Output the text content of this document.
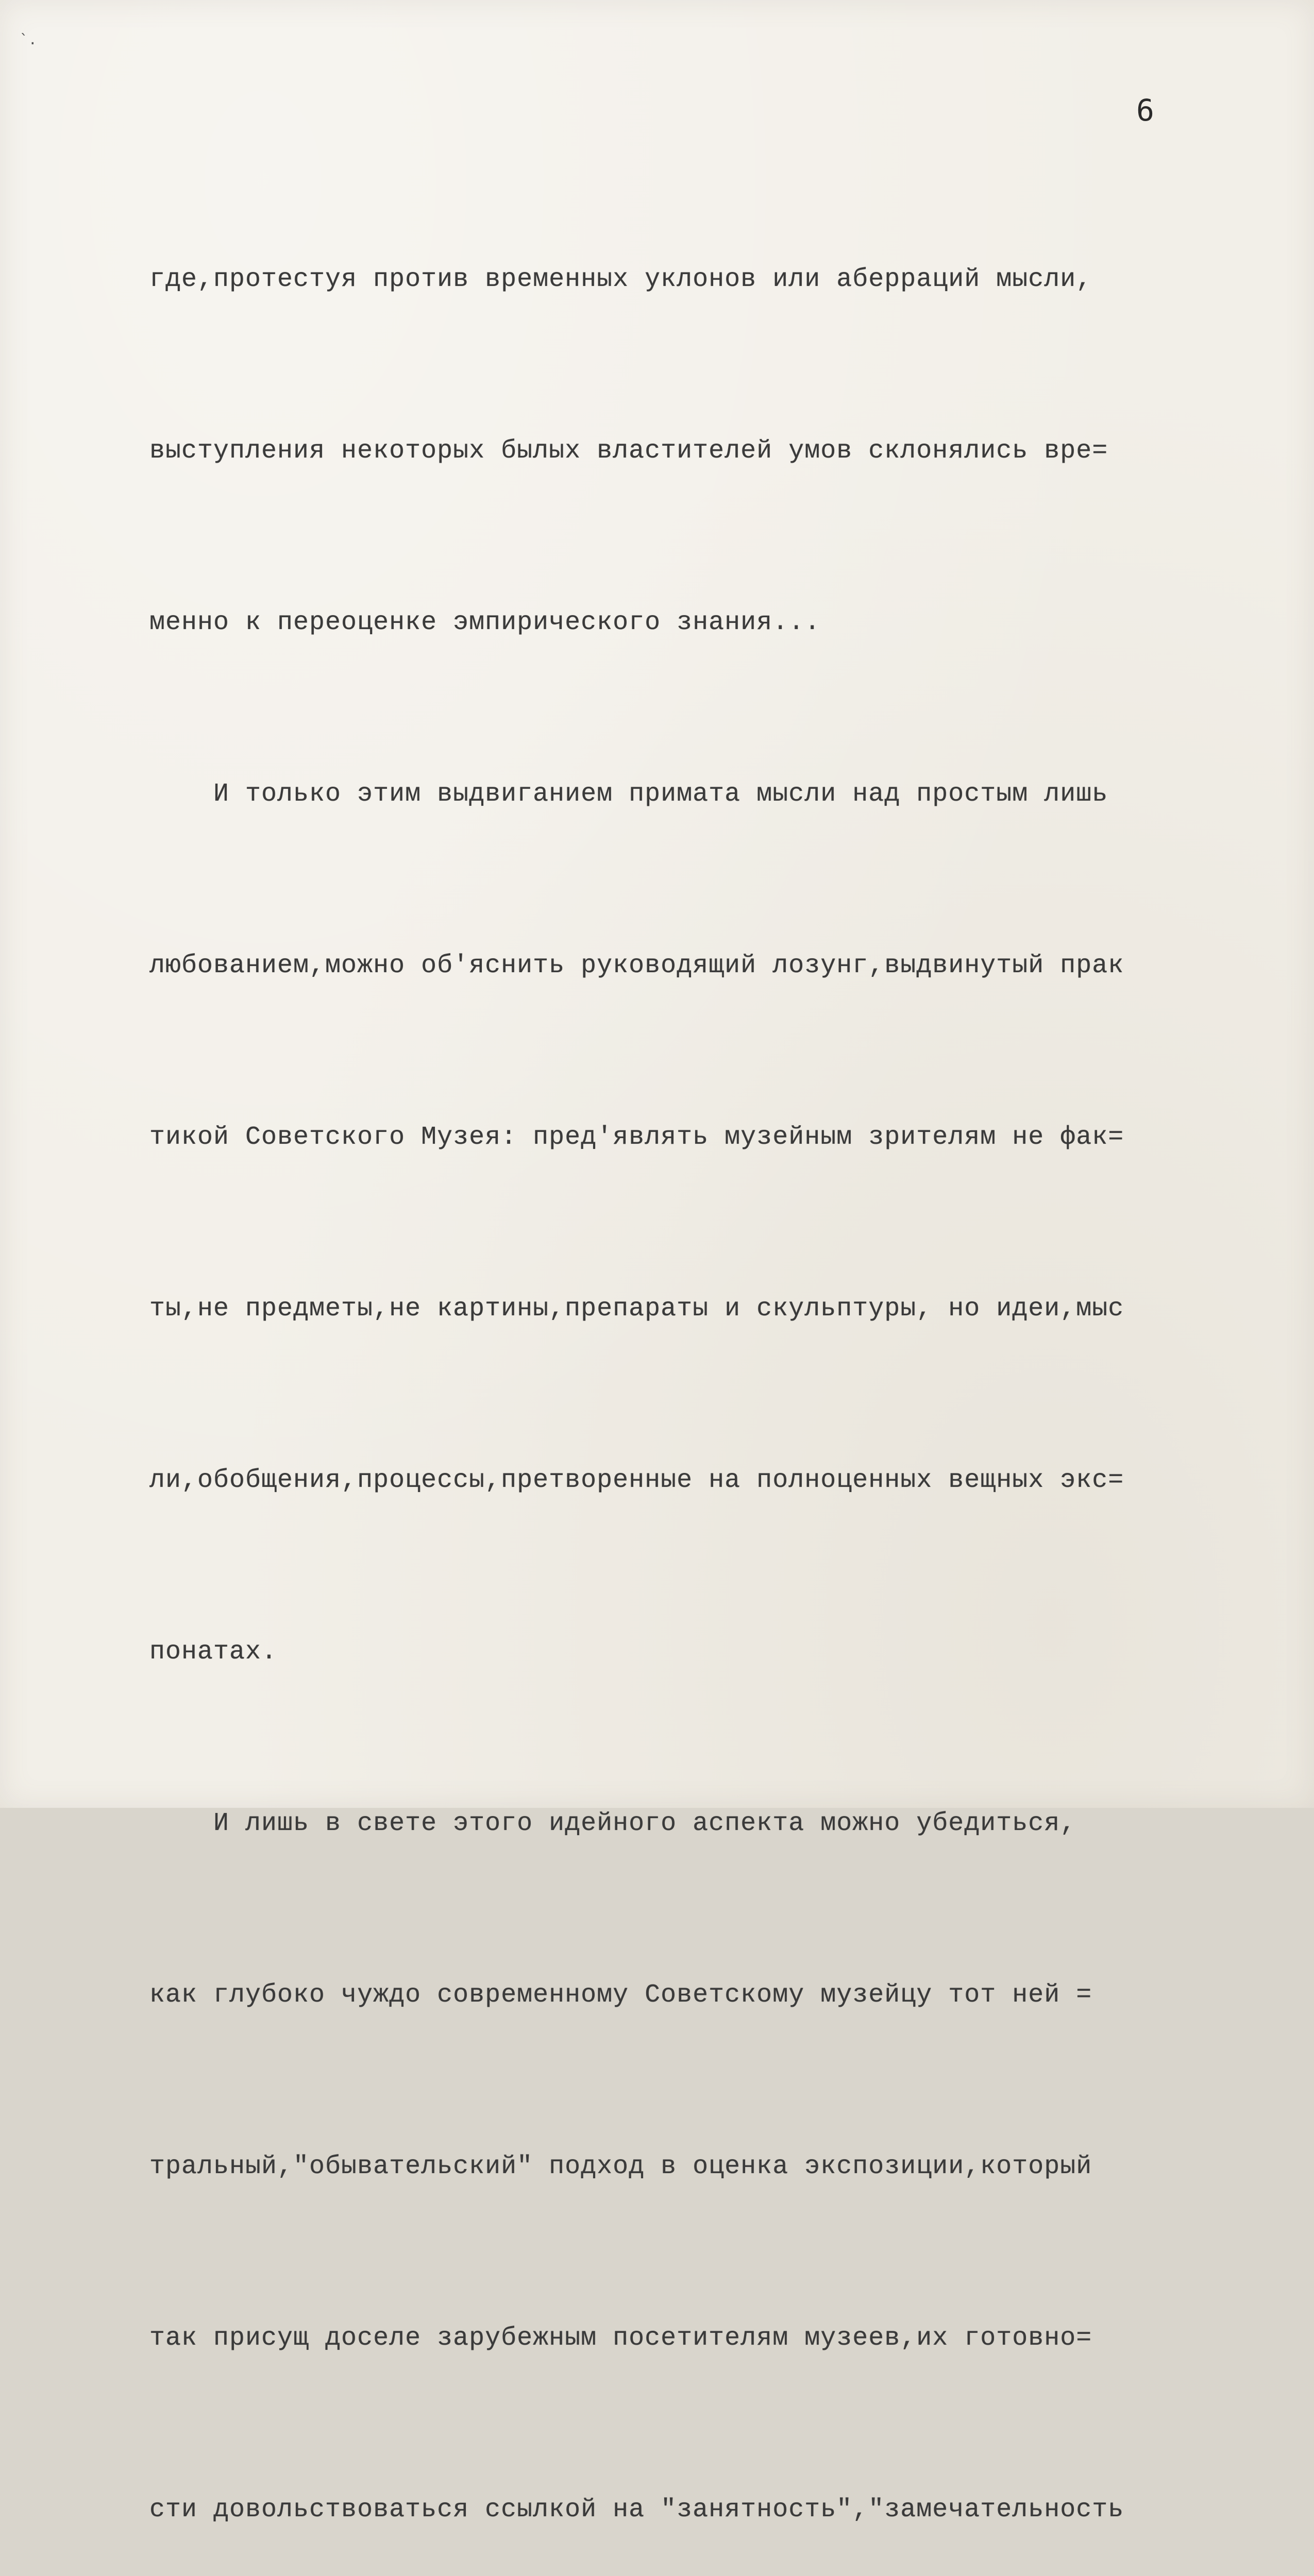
`.
6

где,протестуя против временных уклонов или аберраций мысли,

выступления некоторых былых властителей умов склонялись вре=

менно к переоценке эмпирического знания...

И только этим выдвиганием примата мысли над простым лишь

любованием,можно об'яснить руководящий лозунг,выдвинутый прак

тикой Советского Музея: пред'являть музейным зрителям не фак=

ты,не предметы,не картины,препараты и скульптуры, но идеи,мыс

ли,обобщения,процессы,претворенные на полноценных вещных экс=

понатах.

И лишь в свете этого идейного аспекта можно убедиться,

как глубоко чуждо современному Советскому музейцу тот ней =

тральный,"обывательский" подход в оценка экспозиции,который

так присущ доселе зарубежным посетителям музеев,их готовно=

сти довольствоваться ссылкой на "занятность","замечательность
